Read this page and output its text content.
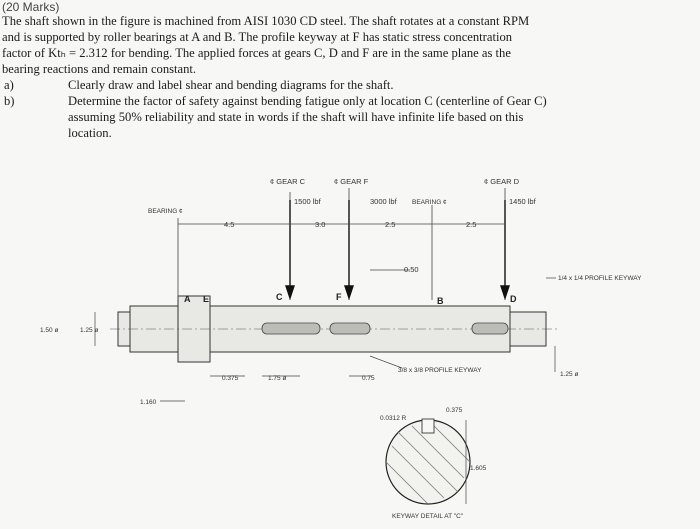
(20 Marks)
The shaft shown in the figure is machined from AISI 1030 CD steel. The shaft rotates at a constant RPM
and is supported by roller bearings at A and B. The profile keyway at F has static stress concentration
factor of Ktₕ = 2.312 for bending. The applied forces at gears C, D and F are in the same plane as the
bearing reactions and remain constant.
a)	Clearly draw and label shear and bending diagrams for the shaft.
b)	Determine the factor of safety against bending fatigue only at location C (centerline of Gear C)
assuming 50% reliability and state in words if the shaft will have infinite life based on this
location.
¢ GEAR C	¢ GEAR F	¢ GEAR D
1500 lbf	3000 lbf	1450 lbf
BEARING ¢
BEARING ¢
4.5	3.0	2.5	2.5
0.50
A E	C	F	B	D
1.50 ø	1.25 ø
0.375	1.75 ø	0.75
1.160
1/4 x 1/4 PROFILE KEYWAY
1.25 ø
3/8 x 3/8 PROFILE KEYWAY
0.0312 R
0.375
1.605
KEYWAY DETAIL AT "C"
